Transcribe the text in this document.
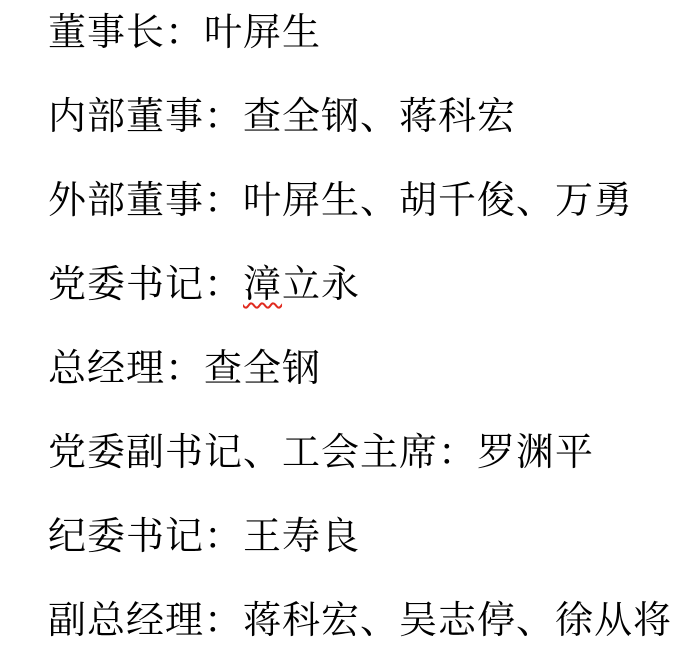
董事长：叶屏生

内部董事：查全钢、蒋科宏

外部董事：叶屏生、胡千俊、万勇

党委书记：漳立永

总经理：查全钢

党委副书记、工会主席：罗渊平

纪委书记：王寿良

副总经理：蒋科宏、吴志停、徐从将
